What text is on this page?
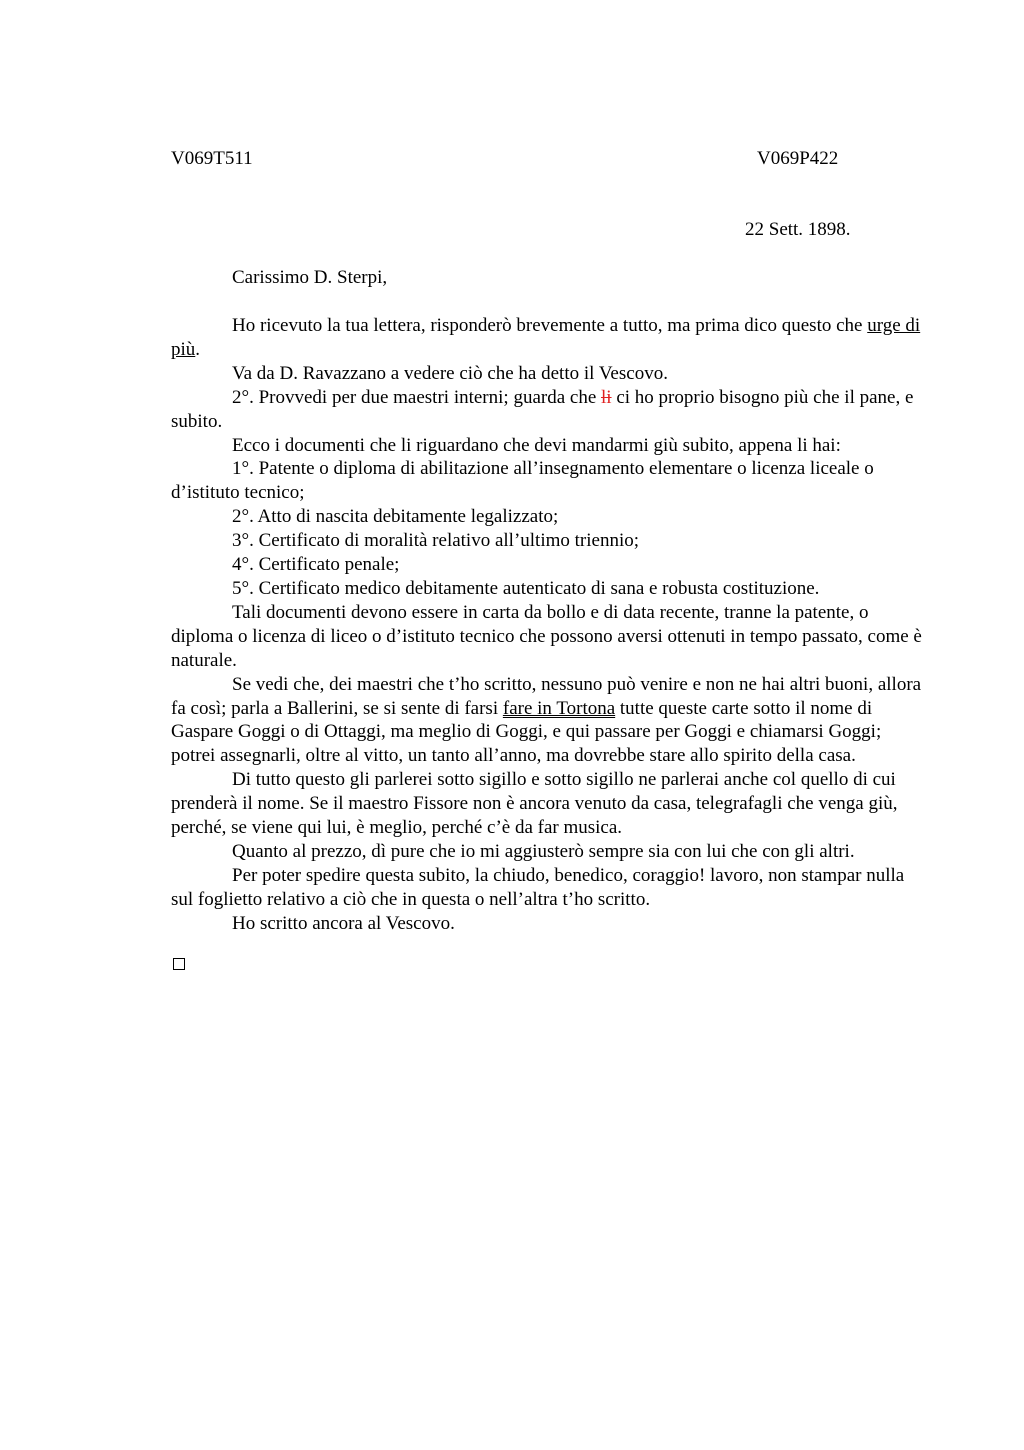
V069T511	V069P422
22 Sett. 1898.
Carissimo D. Sterpi,

Ho ricevuto la tua lettera, risponderò brevemente a tutto, ma prima dico questo che urge di più.

Va da D. Ravazzano a vedere ciò che ha detto il Vescovo.

2°. Provvedi per due maestri interni; guarda che li ci ho proprio bisogno più che il pane, e subito.

Ecco i documenti che li riguardano che devi mandarmi giù subito, appena li hai:

1°. Patente o diploma di abilitazione all’insegnamento elementare o licenza liceale o d’istituto tecnico;

2°. Atto di nascita debitamente legalizzato;

3°. Certificato di moralità relativo all’ultimo triennio;

4°. Certificato penale;

5°. Certificato medico debitamente autenticato di sana e robusta costituzione.

Tali documenti devono essere in carta da bollo e di data recente, tranne la patente, o diploma o licenza di liceo o d’istituto tecnico che possono aversi ottenuti in tempo passato, come è naturale.

Se vedi che, dei maestri che t’ho scritto, nessuno può venire e non ne hai altri buoni, allora fa così; parla a Ballerini, se si sente di farsi fare in Tortona tutte queste carte sotto il nome di Gaspare Goggi o di Ottaggi, ma meglio di Goggi, e qui passare per Goggi e chiamarsi Goggi; potrei assegnarli, oltre al vitto, un tanto all’anno, ma dovrebbe stare allo spirito della casa.

Di tutto questo gli parlerei sotto sigillo e sotto sigillo ne parlerai anche col quello di cui prenderà il nome. Se il maestro Fissore non è ancora venuto da casa, telegrafagli che venga giù, perché, se viene qui lui, è meglio, perché c’è da far musica.

Quanto al prezzo, dì pure che io mi aggiusterò sempre sia con lui che con gli altri.

Per poter spedire questa subito, la chiudo, benedico, coraggio! lavoro, non stampar nulla sul foglietto relativo a ciò che in questa o nell’altra t’ho scritto.

Ho scritto ancora al Vescovo.
